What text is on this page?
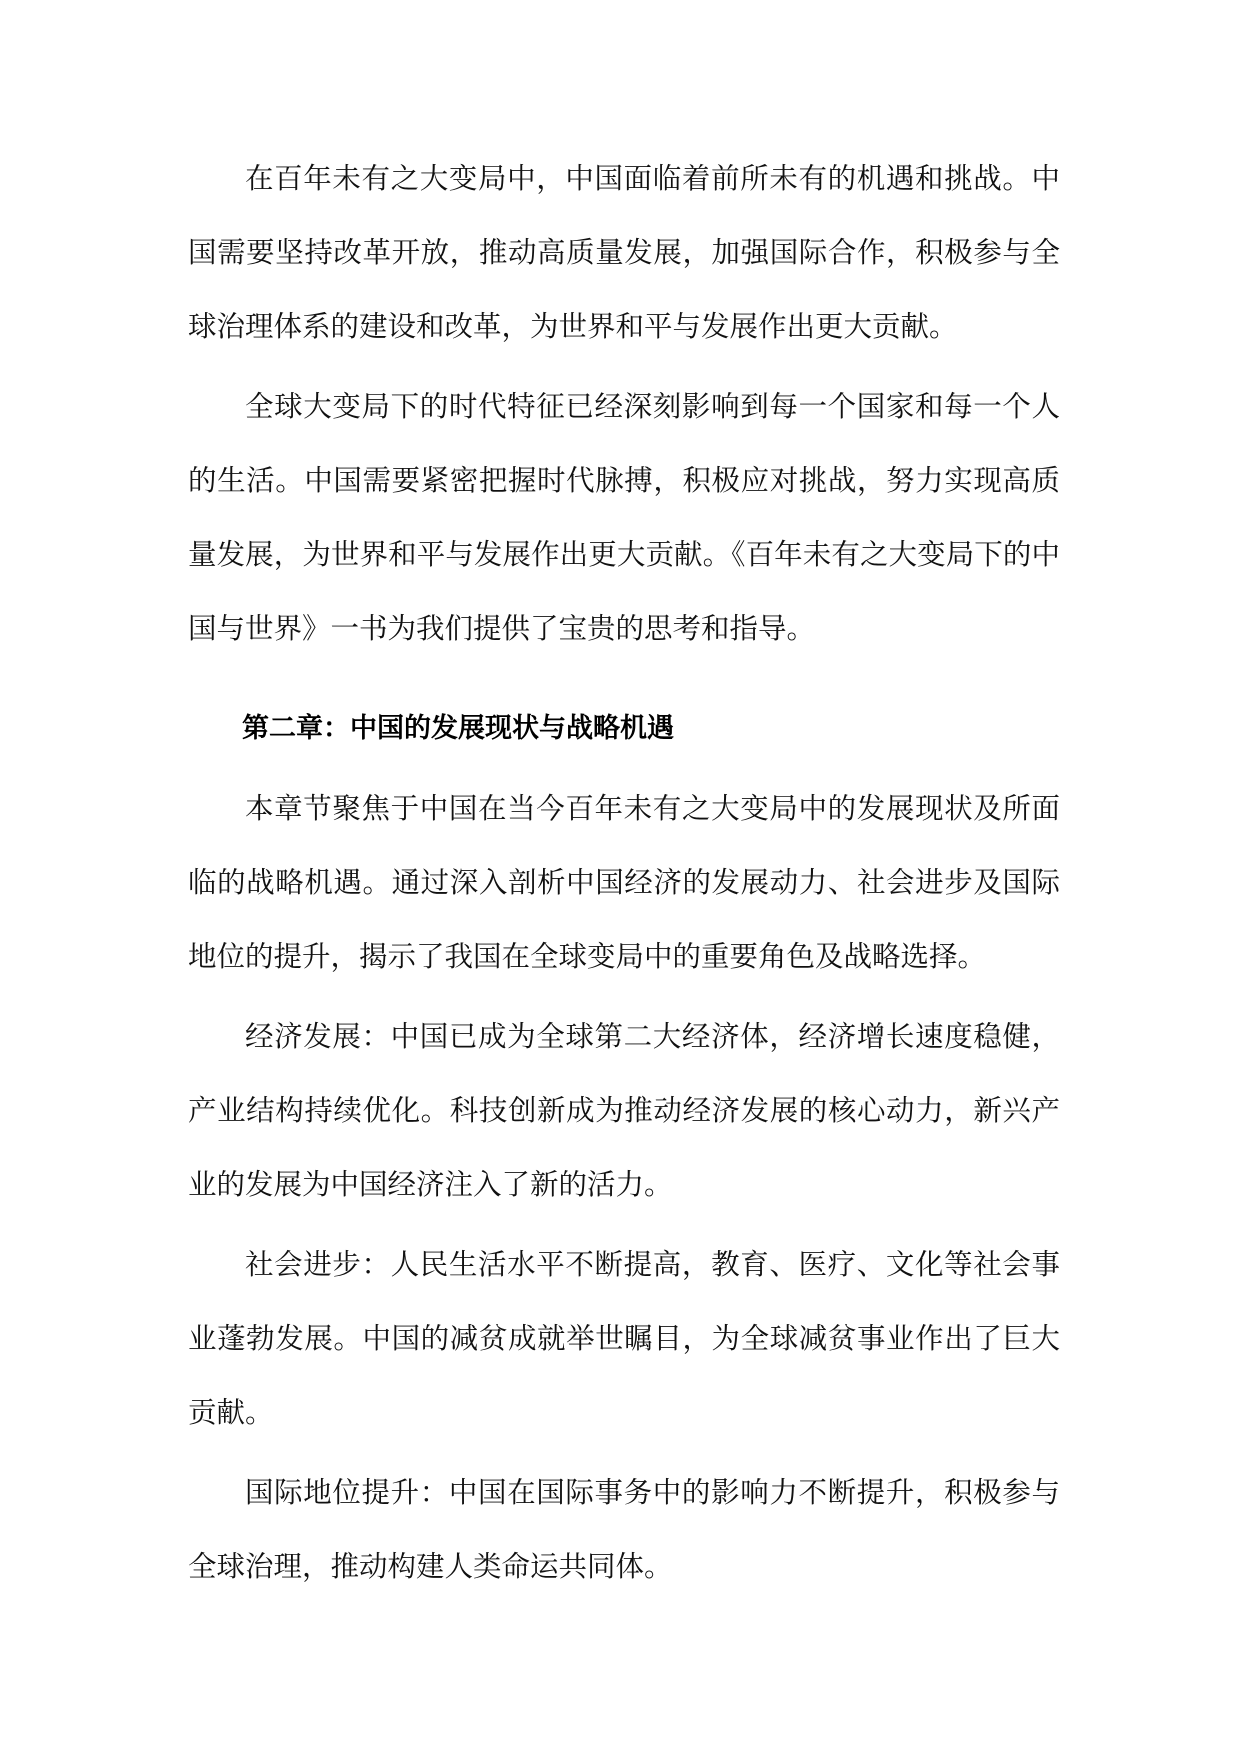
在百年未有之大变局中，中国面临着前所未有的机遇和挑战。中国需要坚持改革开放，推动高质量发展，加强国际合作，积极参与全球治理体系的建设和改革，为世界和平与发展作出更大贡献。

全球大变局下的时代特征已经深刻影响到每一个国家和每一个人的生活。中国需要紧密把握时代脉搏，积极应对挑战，努力实现高质量发展，为世界和平与发展作出更大贡献。《百年未有之大变局下的中国与世界》一书为我们提供了宝贵的思考和指导。

第二章：中国的发展现状与战略机遇

本章节聚焦于中国在当今百年未有之大变局中的发展现状及所面临的战略机遇。通过深入剖析中国经济的发展动力、社会进步及国际地位的提升，揭示了我国在全球变局中的重要角色及战略选择。

经济发展：中国已成为全球第二大经济体，经济增长速度稳健，产业结构持续优化。科技创新成为推动经济发展的核心动力，新兴产业的发展为中国经济注入了新的活力。

社会进步：人民生活水平不断提高，教育、医疗、文化等社会事业蓬勃发展。中国的减贫成就举世瞩目，为全球减贫事业作出了巨大贡献。

国际地位提升：中国在国际事务中的影响力不断提升，积极参与全球治理，推动构建人类命运共同体。
